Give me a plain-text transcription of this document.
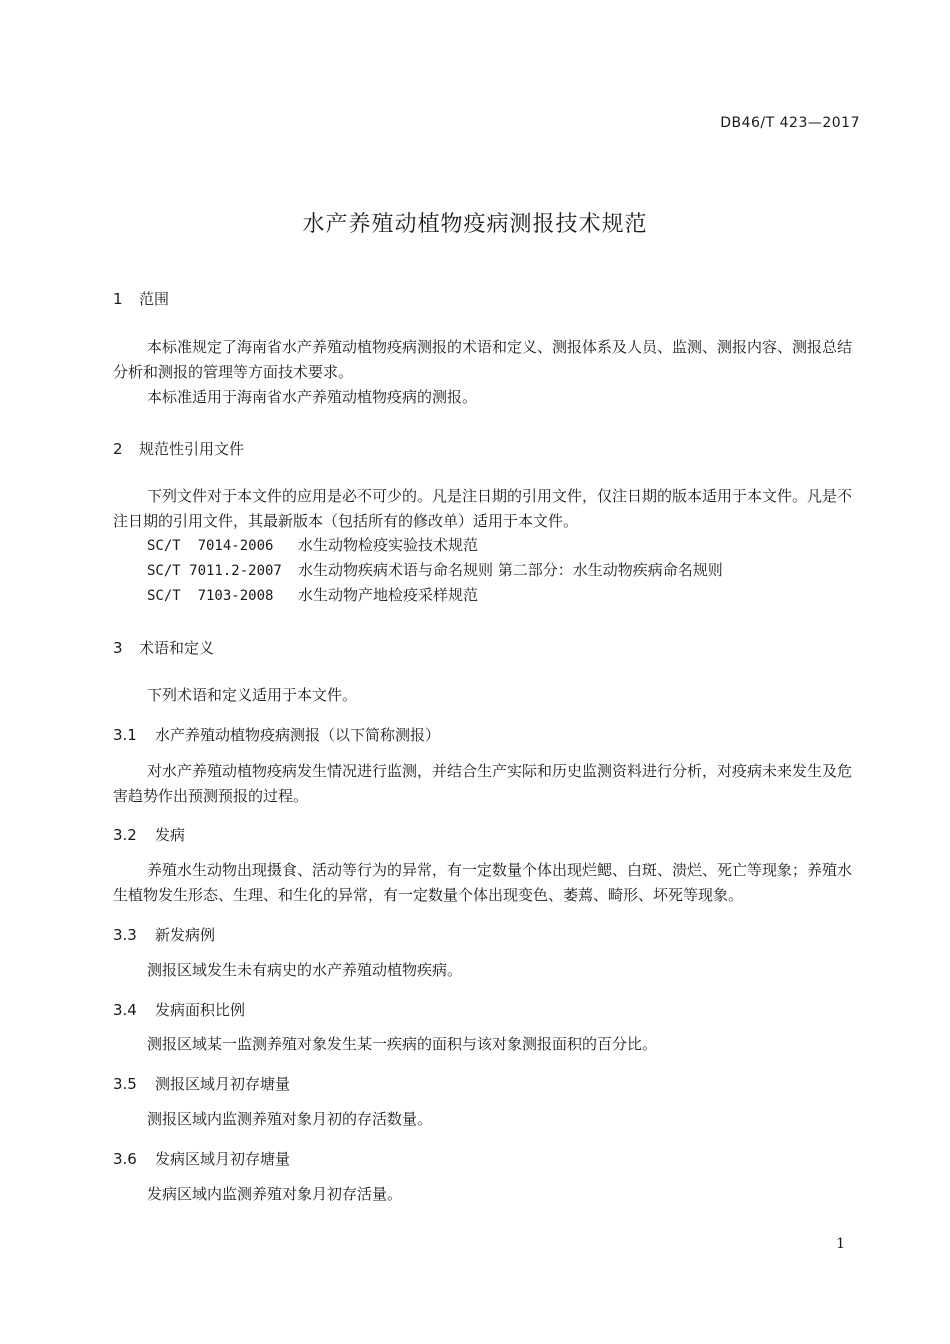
DB46/T 423—2017
水产养殖动植物疫病测报技术规范
1 范围
本标准规定了海南省水产养殖动植物疫病测报的术语和定义、测报体系及人员、监测、测报内容、测报总结分析和测报的管理等方面技术要求。
本标准适用于海南省水产养殖动植物疫病的测报。
2 规范性引用文件
下列文件对于本文件的应用是必不可少的。凡是注日期的引用文件，仅注日期的版本适用于本文件。凡是不注日期的引用文件，其最新版本（包括所有的修改单）适用于本文件。
SC/T  7014-2006 水生动物检疫实验技术规范
SC/T 7011.2-2007 水生动物疾病术语与命名规则 第二部分：水生动物疾病命名规则
SC/T  7103-2008 水生动物产地检疫采样规范
3 术语和定义
下列术语和定义适用于本文件。
3.1 水产养殖动植物疫病测报（以下简称测报）
对水产养殖动植物疫病发生情况进行监测，并结合生产实际和历史监测资料进行分析，对疫病未来发生及危害趋势作出预测预报的过程。
3.2 发病
养殖水生动物出现摄食、活动等行为的异常，有一定数量个体出现烂鳃、白斑、溃烂、死亡等现象；养殖水生植物发生形态、生理、和生化的异常，有一定数量个体出现变色、萎蔫、畸形、坏死等现象。
3.3 新发病例
测报区域发生未有病史的水产养殖动植物疾病。
3.4 发病面积比例
测报区域某一监测养殖对象发生某一疾病的面积与该对象测报面积的百分比。
3.5 测报区域月初存塘量
测报区域内监测养殖对象月初的存活数量。
3.6 发病区域月初存塘量
发病区域内监测养殖对象月初存活量。
1
